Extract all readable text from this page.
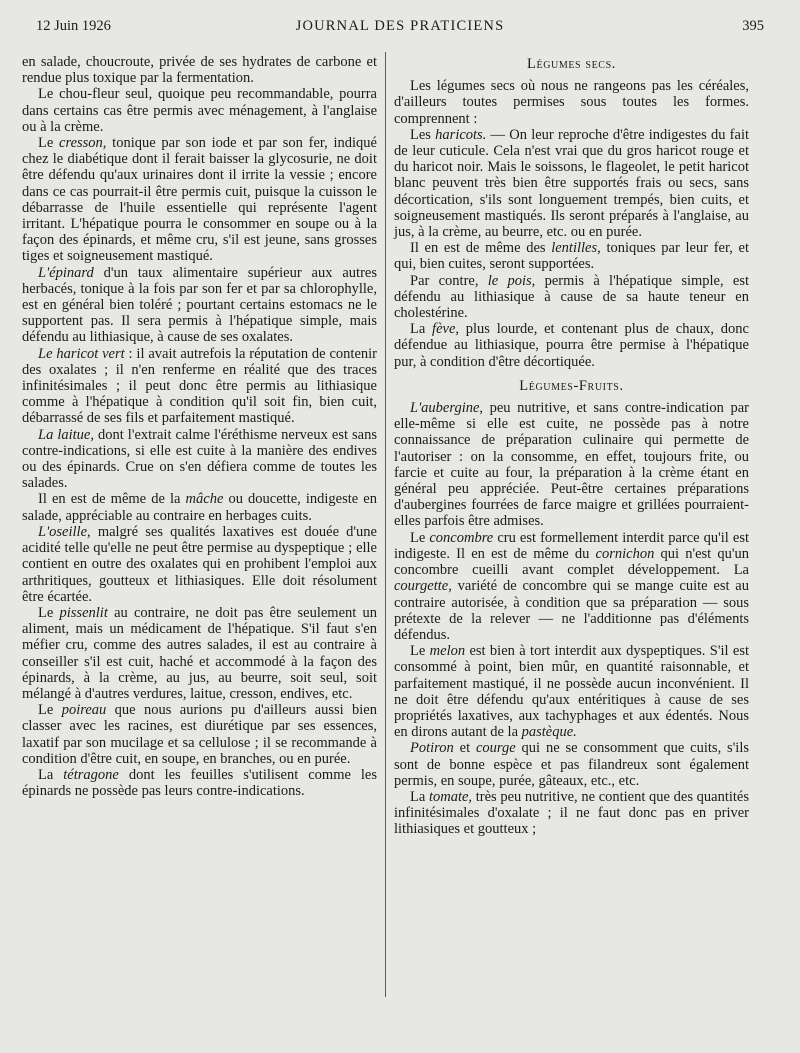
12 Juin 1926	JOURNAL DES PRATICIENS	395

en salade, choucroute, privée de ses hydrates de carbone et rendue plus toxique par la fermentation.

Le chou-fleur seul, quoique peu recommandable, pourra dans certains cas être permis avec ménagement, à l'anglaise ou à la crème.

Le cresson, tonique par son iode et par son fer, indiqué chez le diabétique dont il ferait baisser la glycosurie, ne doit être défendu qu'aux urinaires dont il irrite la vessie ; encore dans ce cas pourrait-il être permis cuit, puisque la cuisson le débarrasse de l'huile essentielle qui représente l'agent irritant. L'hépatique pourra le consommer en soupe ou à la façon des épinards, et même cru, s'il est jeune, sans grosses tiges et soigneusement mastiqué.

L'épinard d'un taux alimentaire supérieur aux autres herbacés, tonique à la fois par son fer et par sa chlorophylle, est en général bien toléré ; pourtant certains estomacs ne le supportent pas. Il sera permis à l'hépatique simple, mais défendu au lithiasique, à cause de ses oxalates.

Le haricot vert : il avait autrefois la réputation de contenir des oxalates ; il n'en renferme en réalité que des traces infinitésimales ; il peut donc être permis au lithiasique comme à l'hépatique à condition qu'il soit fin, bien cuit, débarrassé de ses fils et parfaitement mastiqué.

La laitue, dont l'extrait calme l'éréthisme nerveux est sans contre-indications, si elle est cuite à la manière des endives ou des épinards. Crue on s'en défiera comme de toutes les salades.

Il en est de même de la mâche ou doucette, indigeste en salade, appréciable au contraire en herbages cuits.

L'oseille, malgré ses qualités laxatives est douée d'une acidité telle qu'elle ne peut être permise au dyspeptique ; elle contient en outre des oxalates qui en prohibent l'emploi aux arthritiques, goutteux et lithiasiques. Elle doit résolument être écartée.

Le pissenlit au contraire, ne doit pas être seulement un aliment, mais un médicament de l'hépatique. S'il faut s'en méfier cru, comme des autres salades, il est au contraire à conseiller s'il est cuit, haché et accommodé à la façon des épinards, à la crème, au jus, au beurre, soit seul, soit mélangé à d'autres verdures, laitue, cresson, endives, etc.

Le poireau que nous aurions pu d'ailleurs aussi bien classer avec les racines, est diurétique par ses essences, laxatif par son mucilage et sa cellulose ; il se recommande à condition d'être cuit, en soupe, en branches, ou en purée.

La tétragone dont les feuilles s'utilisent comme les épinards ne possède pas leurs contre-indications.

Légumes secs.

Les légumes secs où nous ne rangeons pas les céréales, d'ailleurs toutes permises sous toutes les formes. comprennent :

Les haricots. — On leur reproche d'être indigestes du fait de leur cuticule. Cela n'est vrai que du gros haricot rouge et du haricot noir. Mais le soissons, le flageolet, le petit haricot blanc peuvent très bien être supportés frais ou secs, sans décortication, s'ils sont longuement trempés, bien cuits, et soigneusement mastiqués. Ils seront préparés à l'anglaise, au jus, à la crème, au beurre, etc. ou en purée.

Il en est de même des lentilles, toniques par leur fer, et qui, bien cuites, seront supportées.

Par contre, le pois, permis à l'hépatique simple, est défendu au lithiasique à cause de sa haute teneur en cholestérine.

La fève, plus lourde, et contenant plus de chaux, donc défendue au lithiasique, pourra être permise à l'hépatique pur, à condition d'être décortiquée.

Légumes-Fruits.

L'aubergine, peu nutritive, et sans contre-indication par elle-même si elle est cuite, ne possède pas à notre connaissance de préparation culinaire qui permette de l'autoriser : on la consomme, en effet, toujours frite, ou farcie et cuite au four, la préparation à la crème étant en général peu appréciée. Peut-être certaines préparations d'aubergines fourrées de farce maigre et grillées pourraient-elles parfois être admises.

Le concombre cru est formellement interdit parce qu'il est indigeste. Il en est de même du cornichon qui n'est qu'un concombre cueilli avant complet développement. La courgette, variété de concombre qui se mange cuite est au contraire autorisée, à condition que sa préparation — sous prétexte de la relever — ne l'additionne pas d'éléments défendus.

Le melon est bien à tort interdit aux dyspeptiques. S'il est consommé à point, bien mûr, en quantité raisonnable, et parfaitement mastiqué, il ne possède aucun inconvénient. Il ne doit être défendu qu'aux entéritiques à cause de ses propriétés laxatives, aux tachyphages et aux édentés. Nous en dirons autant de la pastèque.

Potiron et courge qui ne se consomment que cuits, s'ils sont de bonne espèce et pas filandreux sont également permis, en soupe, purée, gâteaux, etc., etc.

La tomate, très peu nutritive, ne contient que des quantités infinitésimales d'oxalate ; il ne faut donc pas en priver lithiasiques et goutteux ;
